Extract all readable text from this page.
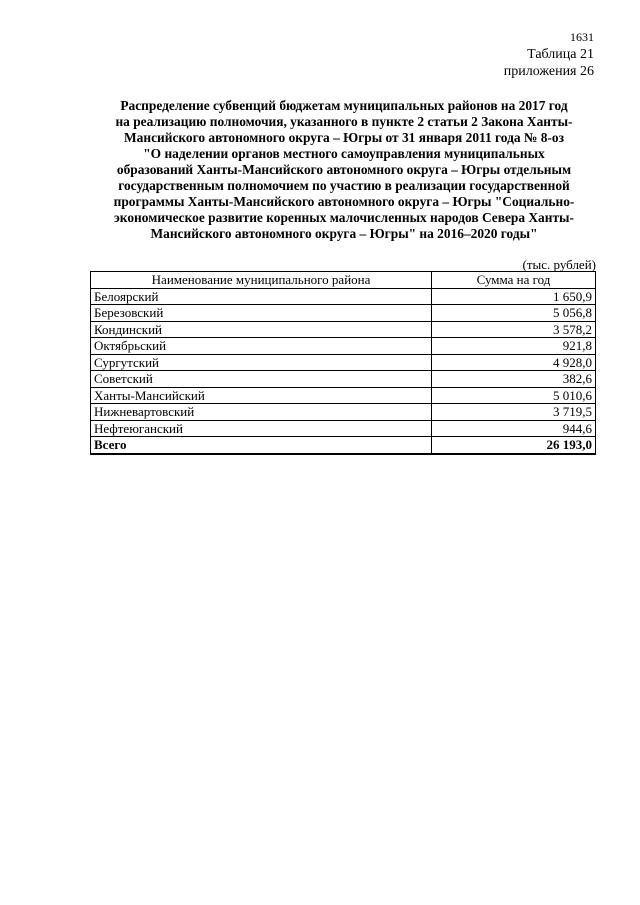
1631
Таблица 21
приложения 26
Распределение субвенций бюджетам муниципальных районов на 2017 год
на реализацию полномочия, указанного в пункте 2 статьи 2 Закона Ханты-
Мансийского автономного округа – Югры от 31 января 2011 года № 8-оз
"О наделении органов местного самоуправления муниципальных
образований Ханты-Мансийского автономного округа – Югры отдельным
государственным полномочием по участию в реализации государственной
программы Ханты-Мансийского автономного округа – Югры "Социально-
экономическое развитие коренных малочисленных народов Севера Ханты-
Мансийского автономного округа – Югры" на 2016–2020 годы"
(тыс. рублей)
Наименование муниципального района	Сумма на год
Белоярский	1 650,9
Березовский	5 056,8
Кондинский	3 578,2
Октябрьский	921,8
Сургутский	4 928,0
Советский	382,6
Ханты-Мансийский	5 010,6
Нижневартовский	3 719,5
Нефтеюганский	944,6
Всего	26 193,0
